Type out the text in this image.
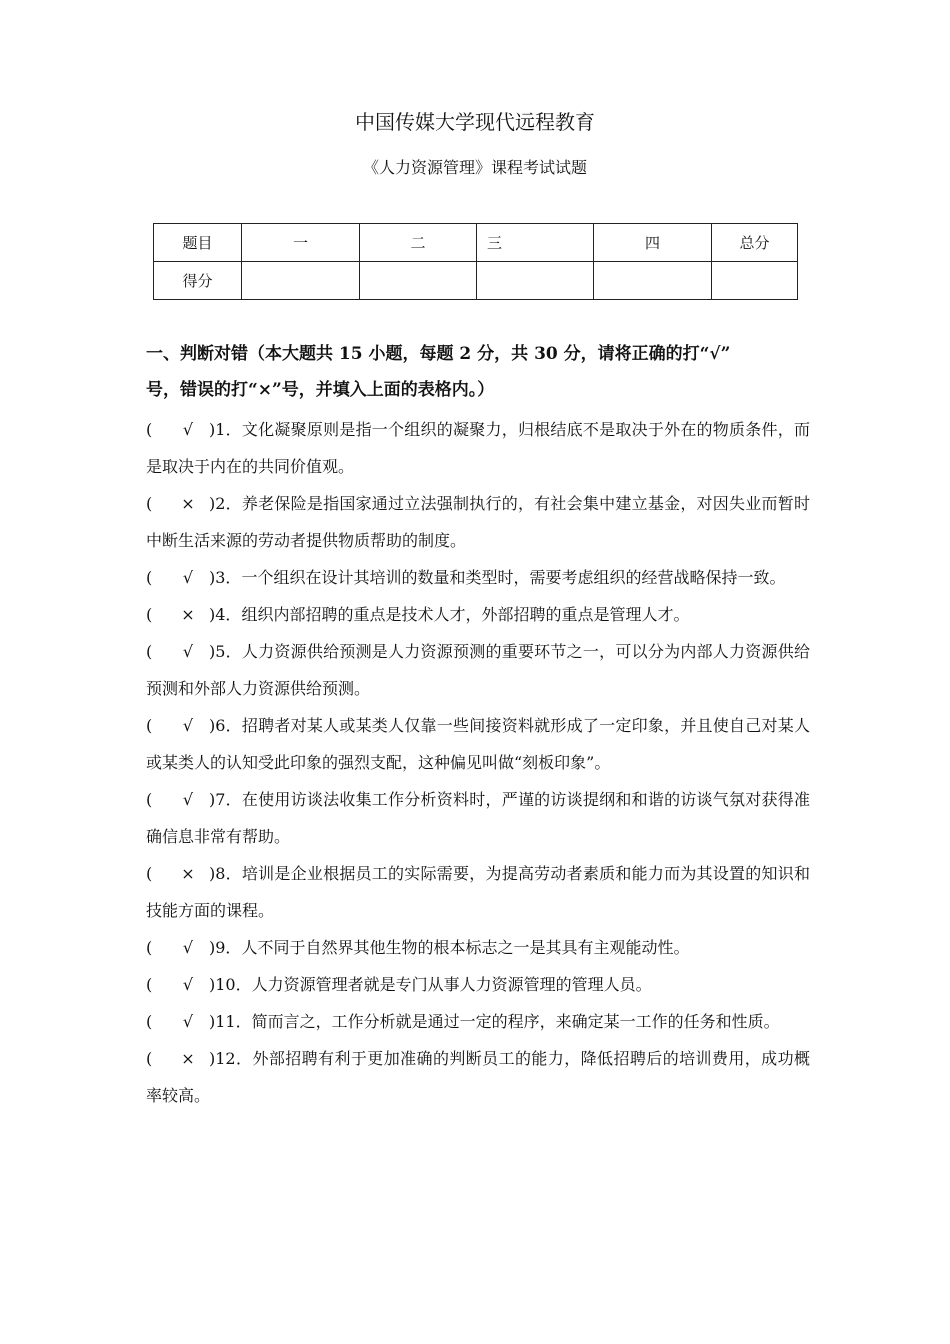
中国传媒大学现代远程教育
《人力资源管理》课程考试试题
题目	一	二	三	四	总分
得分					
一、判断对错（本大题共 15 小题，每题 2 分，共 30 分，请将正确的打“√”
号，错误的打“×”号，并填入上面的表格内。）

( √ )1．文化凝聚原则是指一个组织的凝聚力，归根结底不是取决于外在的物质条件，而是取决于内在的共同价值观。

( × )2．养老保险是指国家通过立法强制执行的，有社会集中建立基金，对因失业而暂时中断生活来源的劳动者提供物质帮助的制度。

( √ )3．一个组织在设计其培训的数量和类型时，需要考虑组织的经营战略保持一致。

( × )4．组织内部招聘的重点是技术人才，外部招聘的重点是管理人才。

( √ )5．人力资源供给预测是人力资源预测的重要环节之一，可以分为内部人力资源供给预测和外部人力资源供给预测。

( √ )6．招聘者对某人或某类人仅靠一些间接资料就形成了一定印象，并且使自己对某人或某类人的认知受此印象的强烈支配，这种偏见叫做“刻板印象”。

( √ )7．在使用访谈法收集工作分析资料时，严谨的访谈提纲和和谐的访谈气氛对获得准确信息非常有帮助。

( × )8．培训是企业根据员工的实际需要，为提高劳动者素质和能力而为其设置的知识和技能方面的课程。

( √ )9．人不同于自然界其他生物的根本标志之一是其具有主观能动性。

( √ )10．人力资源管理者就是专门从事人力资源管理的管理人员。

( √ )11．简而言之，工作分析就是通过一定的程序，来确定某一工作的任务和性质。

( × )12．外部招聘有利于更加准确的判断员工的能力，降低招聘后的培训费用，成功概率较高。
